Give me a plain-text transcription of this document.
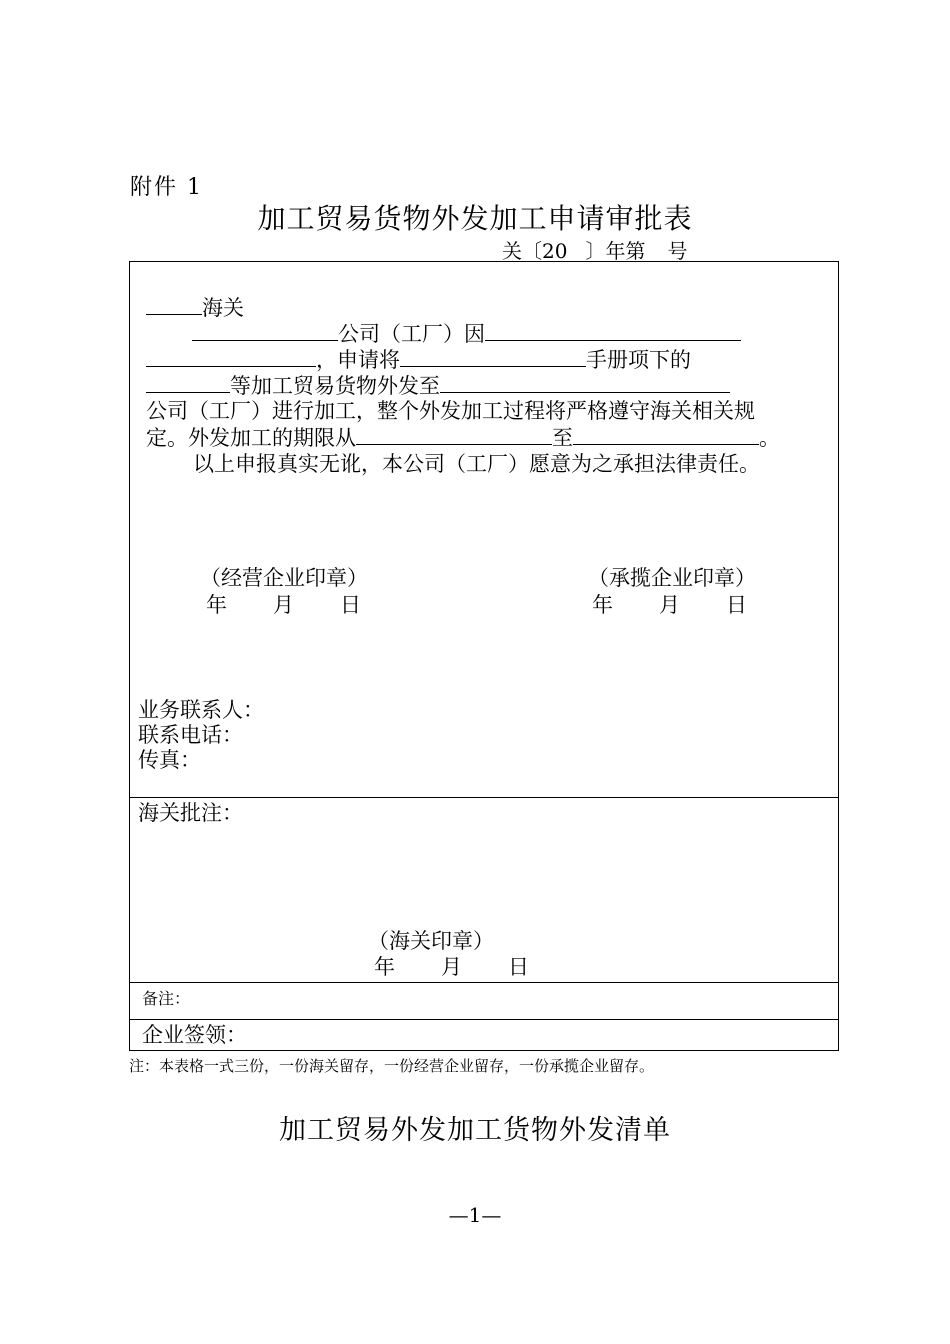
附件 1
加工贸易货物外发加工申请审批表
关〔20 〕年第 号
海关
公司（工厂）因
，申请将	手册项下的
等加工贸易货物外发至
公司（工厂）进行加工，整个外发加工过程将严格遵守海关相关规
定。外发加工的期限从	至	。
以上申报真实无讹，本公司（工厂）愿意为之承担法律责任。
（经营企业印章）
年 月 日
（承揽企业印章）
年 月 日
业务联系人：
联系电话：
传真：
海关批注：
（海关印章）
年 月 日
备注：
企业签领：
注：本表格一式三份，一份海关留存，一份经营企业留存，一份承揽企业留存。
加工贸易外发加工货物外发清单
—1—
